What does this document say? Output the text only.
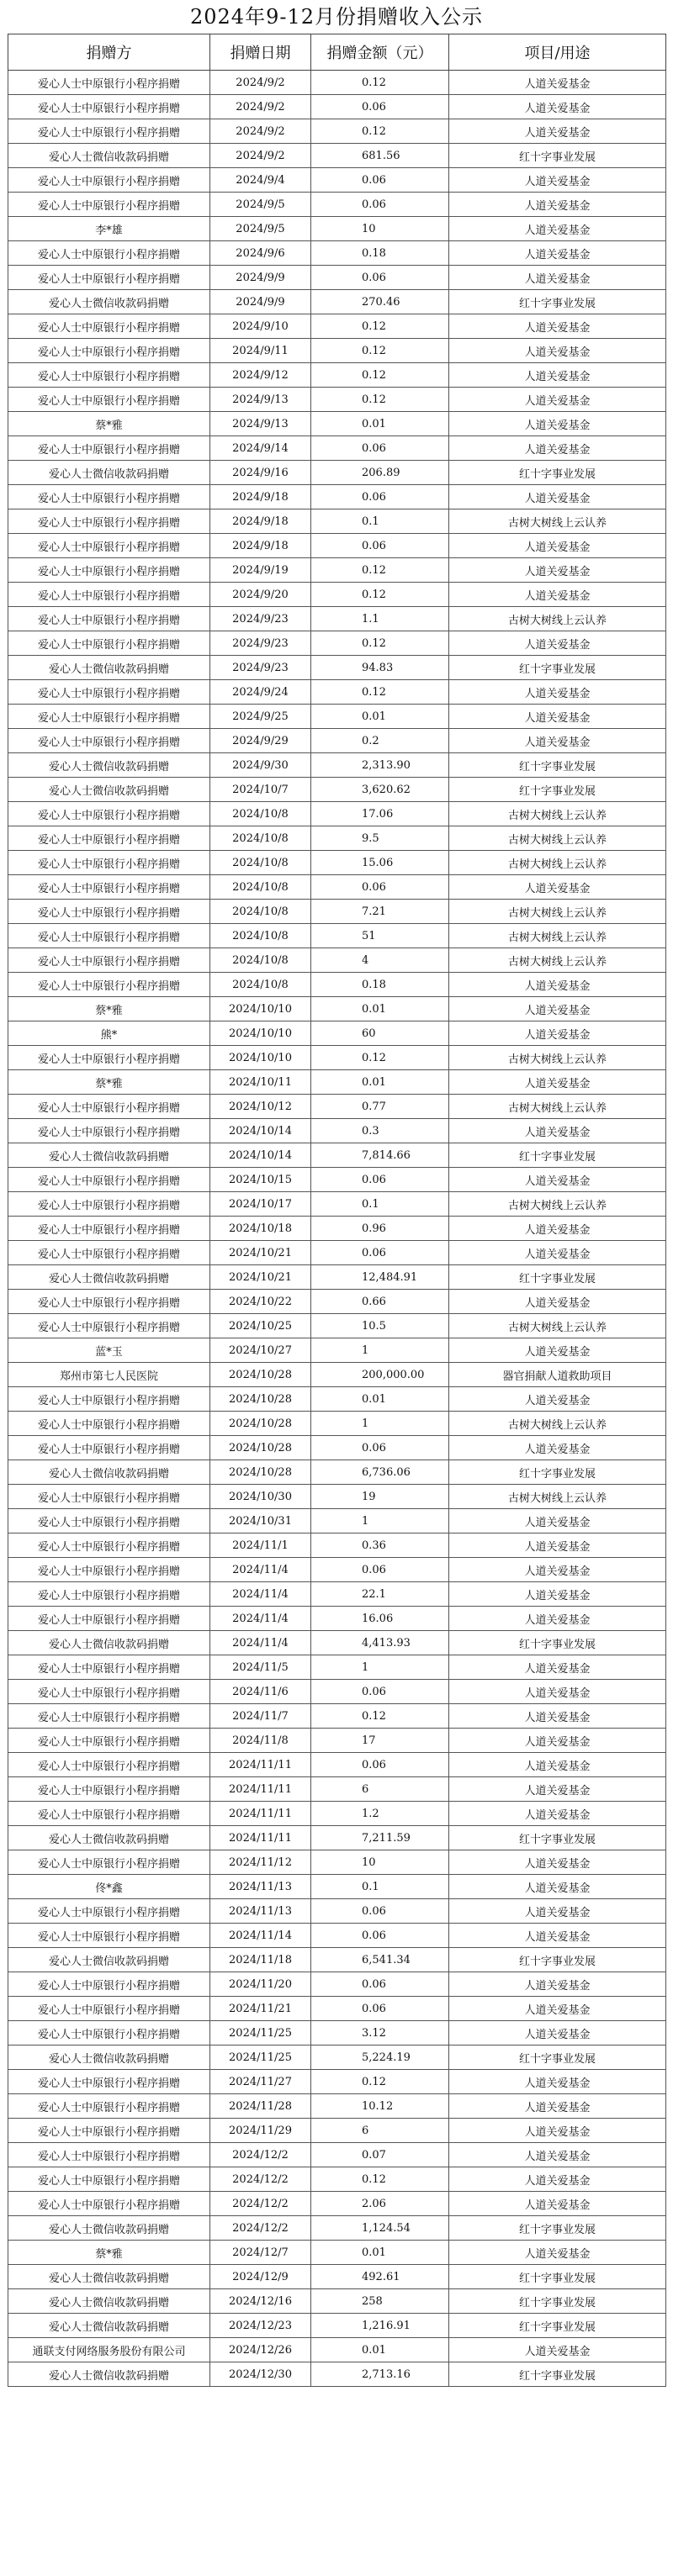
2024年9-12月份捐赠收入公示
捐赠方	捐赠日期	捐赠金额（元）	项目/用途
爱心人士中原银行小程序捐赠	2024/9/2	0.12	人道关爱基金
爱心人士中原银行小程序捐赠	2024/9/2	0.06	人道关爱基金
爱心人士中原银行小程序捐赠	2024/9/2	0.12	人道关爱基金
爱心人士微信收款码捐赠	2024/9/2	681.56	红十字事业发展
爱心人士中原银行小程序捐赠	2024/9/4	0.06	人道关爱基金
爱心人士中原银行小程序捐赠	2024/9/5	0.06	人道关爱基金
李*雄	2024/9/5	10	人道关爱基金
爱心人士中原银行小程序捐赠	2024/9/6	0.18	人道关爱基金
爱心人士中原银行小程序捐赠	2024/9/9	0.06	人道关爱基金
爱心人士微信收款码捐赠	2024/9/9	270.46	红十字事业发展
爱心人士中原银行小程序捐赠	2024/9/10	0.12	人道关爱基金
爱心人士中原银行小程序捐赠	2024/9/11	0.12	人道关爱基金
爱心人士中原银行小程序捐赠	2024/9/12	0.12	人道关爱基金
爱心人士中原银行小程序捐赠	2024/9/13	0.12	人道关爱基金
蔡*雅	2024/9/13	0.01	人道关爱基金
爱心人士中原银行小程序捐赠	2024/9/14	0.06	人道关爱基金
爱心人士微信收款码捐赠	2024/9/16	206.89	红十字事业发展
爱心人士中原银行小程序捐赠	2024/9/18	0.06	人道关爱基金
爱心人士中原银行小程序捐赠	2024/9/18	0.1	古树大树线上云认养
爱心人士中原银行小程序捐赠	2024/9/18	0.06	人道关爱基金
爱心人士中原银行小程序捐赠	2024/9/19	0.12	人道关爱基金
爱心人士中原银行小程序捐赠	2024/9/20	0.12	人道关爱基金
爱心人士中原银行小程序捐赠	2024/9/23	1.1	古树大树线上云认养
爱心人士中原银行小程序捐赠	2024/9/23	0.12	人道关爱基金
爱心人士微信收款码捐赠	2024/9/23	94.83	红十字事业发展
爱心人士中原银行小程序捐赠	2024/9/24	0.12	人道关爱基金
爱心人士中原银行小程序捐赠	2024/9/25	0.01	人道关爱基金
爱心人士中原银行小程序捐赠	2024/9/29	0.2	人道关爱基金
爱心人士微信收款码捐赠	2024/9/30	2,313.90	红十字事业发展
爱心人士微信收款码捐赠	2024/10/7	3,620.62	红十字事业发展
爱心人士中原银行小程序捐赠	2024/10/8	17.06	古树大树线上云认养
爱心人士中原银行小程序捐赠	2024/10/8	9.5	古树大树线上云认养
爱心人士中原银行小程序捐赠	2024/10/8	15.06	古树大树线上云认养
爱心人士中原银行小程序捐赠	2024/10/8	0.06	人道关爱基金
爱心人士中原银行小程序捐赠	2024/10/8	7.21	古树大树线上云认养
爱心人士中原银行小程序捐赠	2024/10/8	51	古树大树线上云认养
爱心人士中原银行小程序捐赠	2024/10/8	4	古树大树线上云认养
爱心人士中原银行小程序捐赠	2024/10/8	0.18	人道关爱基金
蔡*雅	2024/10/10	0.01	人道关爱基金
熊*	2024/10/10	60	人道关爱基金
爱心人士中原银行小程序捐赠	2024/10/10	0.12	古树大树线上云认养
蔡*雅	2024/10/11	0.01	人道关爱基金
爱心人士中原银行小程序捐赠	2024/10/12	0.77	古树大树线上云认养
爱心人士中原银行小程序捐赠	2024/10/14	0.3	人道关爱基金
爱心人士微信收款码捐赠	2024/10/14	7,814.66	红十字事业发展
爱心人士中原银行小程序捐赠	2024/10/15	0.06	人道关爱基金
爱心人士中原银行小程序捐赠	2024/10/17	0.1	古树大树线上云认养
爱心人士中原银行小程序捐赠	2024/10/18	0.96	人道关爱基金
爱心人士中原银行小程序捐赠	2024/10/21	0.06	人道关爱基金
爱心人士微信收款码捐赠	2024/10/21	12,484.91	红十字事业发展
爱心人士中原银行小程序捐赠	2024/10/22	0.66	人道关爱基金
爱心人士中原银行小程序捐赠	2024/10/25	10.5	古树大树线上云认养
蓝*玉	2024/10/27	1	人道关爱基金
郑州市第七人民医院	2024/10/28	200,000.00	器官捐献人道救助项目
爱心人士中原银行小程序捐赠	2024/10/28	0.01	人道关爱基金
爱心人士中原银行小程序捐赠	2024/10/28	1	古树大树线上云认养
爱心人士中原银行小程序捐赠	2024/10/28	0.06	人道关爱基金
爱心人士微信收款码捐赠	2024/10/28	6,736.06	红十字事业发展
爱心人士中原银行小程序捐赠	2024/10/30	19	古树大树线上云认养
爱心人士中原银行小程序捐赠	2024/10/31	1	人道关爱基金
爱心人士中原银行小程序捐赠	2024/11/1	0.36	人道关爱基金
爱心人士中原银行小程序捐赠	2024/11/4	0.06	人道关爱基金
爱心人士中原银行小程序捐赠	2024/11/4	22.1	人道关爱基金
爱心人士中原银行小程序捐赠	2024/11/4	16.06	人道关爱基金
爱心人士微信收款码捐赠	2024/11/4	4,413.93	红十字事业发展
爱心人士中原银行小程序捐赠	2024/11/5	1	人道关爱基金
爱心人士中原银行小程序捐赠	2024/11/6	0.06	人道关爱基金
爱心人士中原银行小程序捐赠	2024/11/7	0.12	人道关爱基金
爱心人士中原银行小程序捐赠	2024/11/8	17	人道关爱基金
爱心人士中原银行小程序捐赠	2024/11/11	0.06	人道关爱基金
爱心人士中原银行小程序捐赠	2024/11/11	6	人道关爱基金
爱心人士中原银行小程序捐赠	2024/11/11	1.2	人道关爱基金
爱心人士微信收款码捐赠	2024/11/11	7,211.59	红十字事业发展
爱心人士中原银行小程序捐赠	2024/11/12	10	人道关爱基金
佟*鑫	2024/11/13	0.1	人道关爱基金
爱心人士中原银行小程序捐赠	2024/11/13	0.06	人道关爱基金
爱心人士中原银行小程序捐赠	2024/11/14	0.06	人道关爱基金
爱心人士微信收款码捐赠	2024/11/18	6,541.34	红十字事业发展
爱心人士中原银行小程序捐赠	2024/11/20	0.06	人道关爱基金
爱心人士中原银行小程序捐赠	2024/11/21	0.06	人道关爱基金
爱心人士中原银行小程序捐赠	2024/11/25	3.12	人道关爱基金
爱心人士微信收款码捐赠	2024/11/25	5,224.19	红十字事业发展
爱心人士中原银行小程序捐赠	2024/11/27	0.12	人道关爱基金
爱心人士中原银行小程序捐赠	2024/11/28	10.12	人道关爱基金
爱心人士中原银行小程序捐赠	2024/11/29	6	人道关爱基金
爱心人士中原银行小程序捐赠	2024/12/2	0.07	人道关爱基金
爱心人士中原银行小程序捐赠	2024/12/2	0.12	人道关爱基金
爱心人士中原银行小程序捐赠	2024/12/2	2.06	人道关爱基金
爱心人士微信收款码捐赠	2024/12/2	1,124.54	红十字事业发展
蔡*雅	2024/12/7	0.01	人道关爱基金
爱心人士微信收款码捐赠	2024/12/9	492.61	红十字事业发展
爱心人士微信收款码捐赠	2024/12/16	258	红十字事业发展
爱心人士微信收款码捐赠	2024/12/23	1,216.91	红十字事业发展
通联支付网络服务股份有限公司	2024/12/26	0.01	人道关爱基金
爱心人士微信收款码捐赠	2024/12/30	2,713.16	红十字事业发展
